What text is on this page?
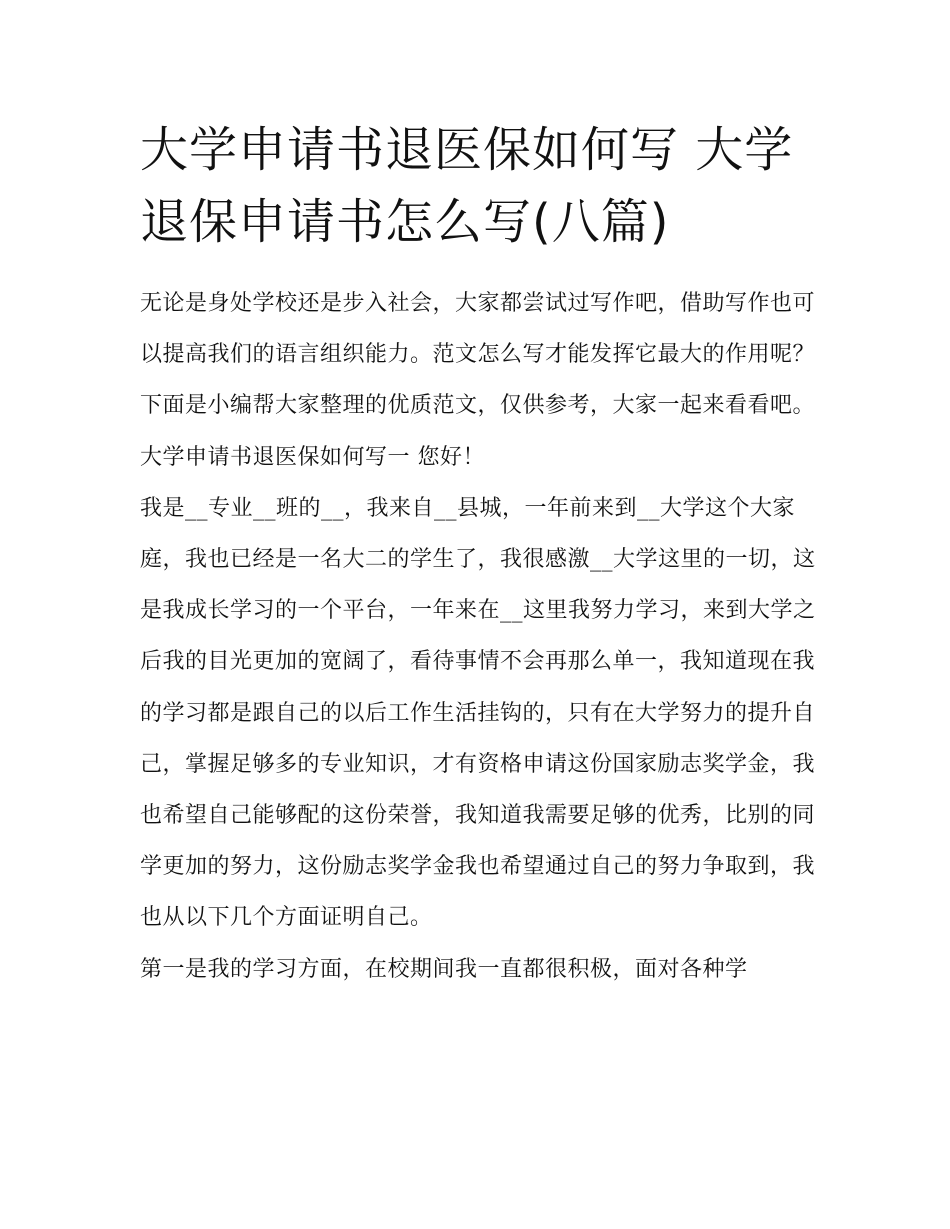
大学申请书退医保如何写 大学退保申请书怎么写(八篇)

无论是身处学校还是步入社会，大家都尝试过写作吧，借助写作也可以提高我们的语言组织能力。范文怎么写才能发挥它最大的作用呢？下面是小编帮大家整理的优质范文，仅供参考，大家一起来看看吧。

大学申请书退医保如何写一 您好！

我是__专业__班的__，我来自__县城，一年前来到__大学这个大家庭，我也已经是一名大二的学生了，我很感激__大学这里的一切，这是我成长学习的一个平台，一年来在__这里我努力学习，来到大学之后我的目光更加的宽阔了，看待事情不会再那么单一，我知道现在我的学习都是跟自己的以后工作生活挂钩的，只有在大学努力的提升自己，掌握足够多的专业知识，才有资格申请这份国家励志奖学金，我也希望自己能够配的这份荣誉，我知道我需要足够的优秀，比别的同学更加的努力，这份励志奖学金我也希望通过自己的努力争取到，我也从以下几个方面证明自己。

第一是我的学习方面，在校期间我一直都很积极，面对各种学
